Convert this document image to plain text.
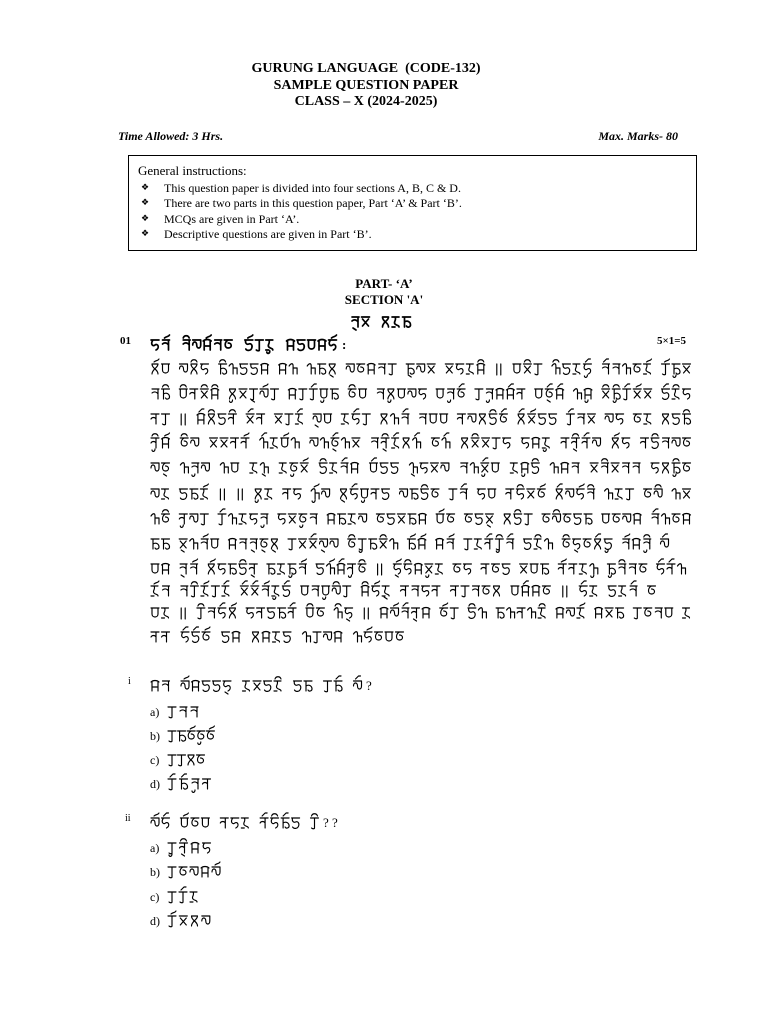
GURUNG LANGUAGE  (CODE-132)
SAMPLE QUESTION PAPER
CLASS – X (2024-2025)
Time Allowed: 3 Hrs.	Max. Marks- 80
General instructions:
❖ This question paper is divided into four sections A, B, C & D.
❖ There are two parts in this question paper, Part ‘A’ & Part ‘B’.
❖ MCQs are given in Part ‘A’.
❖ Descriptive questions are given in Part ‘B’.
PART- ‘A’
SECTION 'A'
01	:	5×1=5
i	?
a)
b)
c)
d)
ii	? ?
a)
b)
c)
d)
